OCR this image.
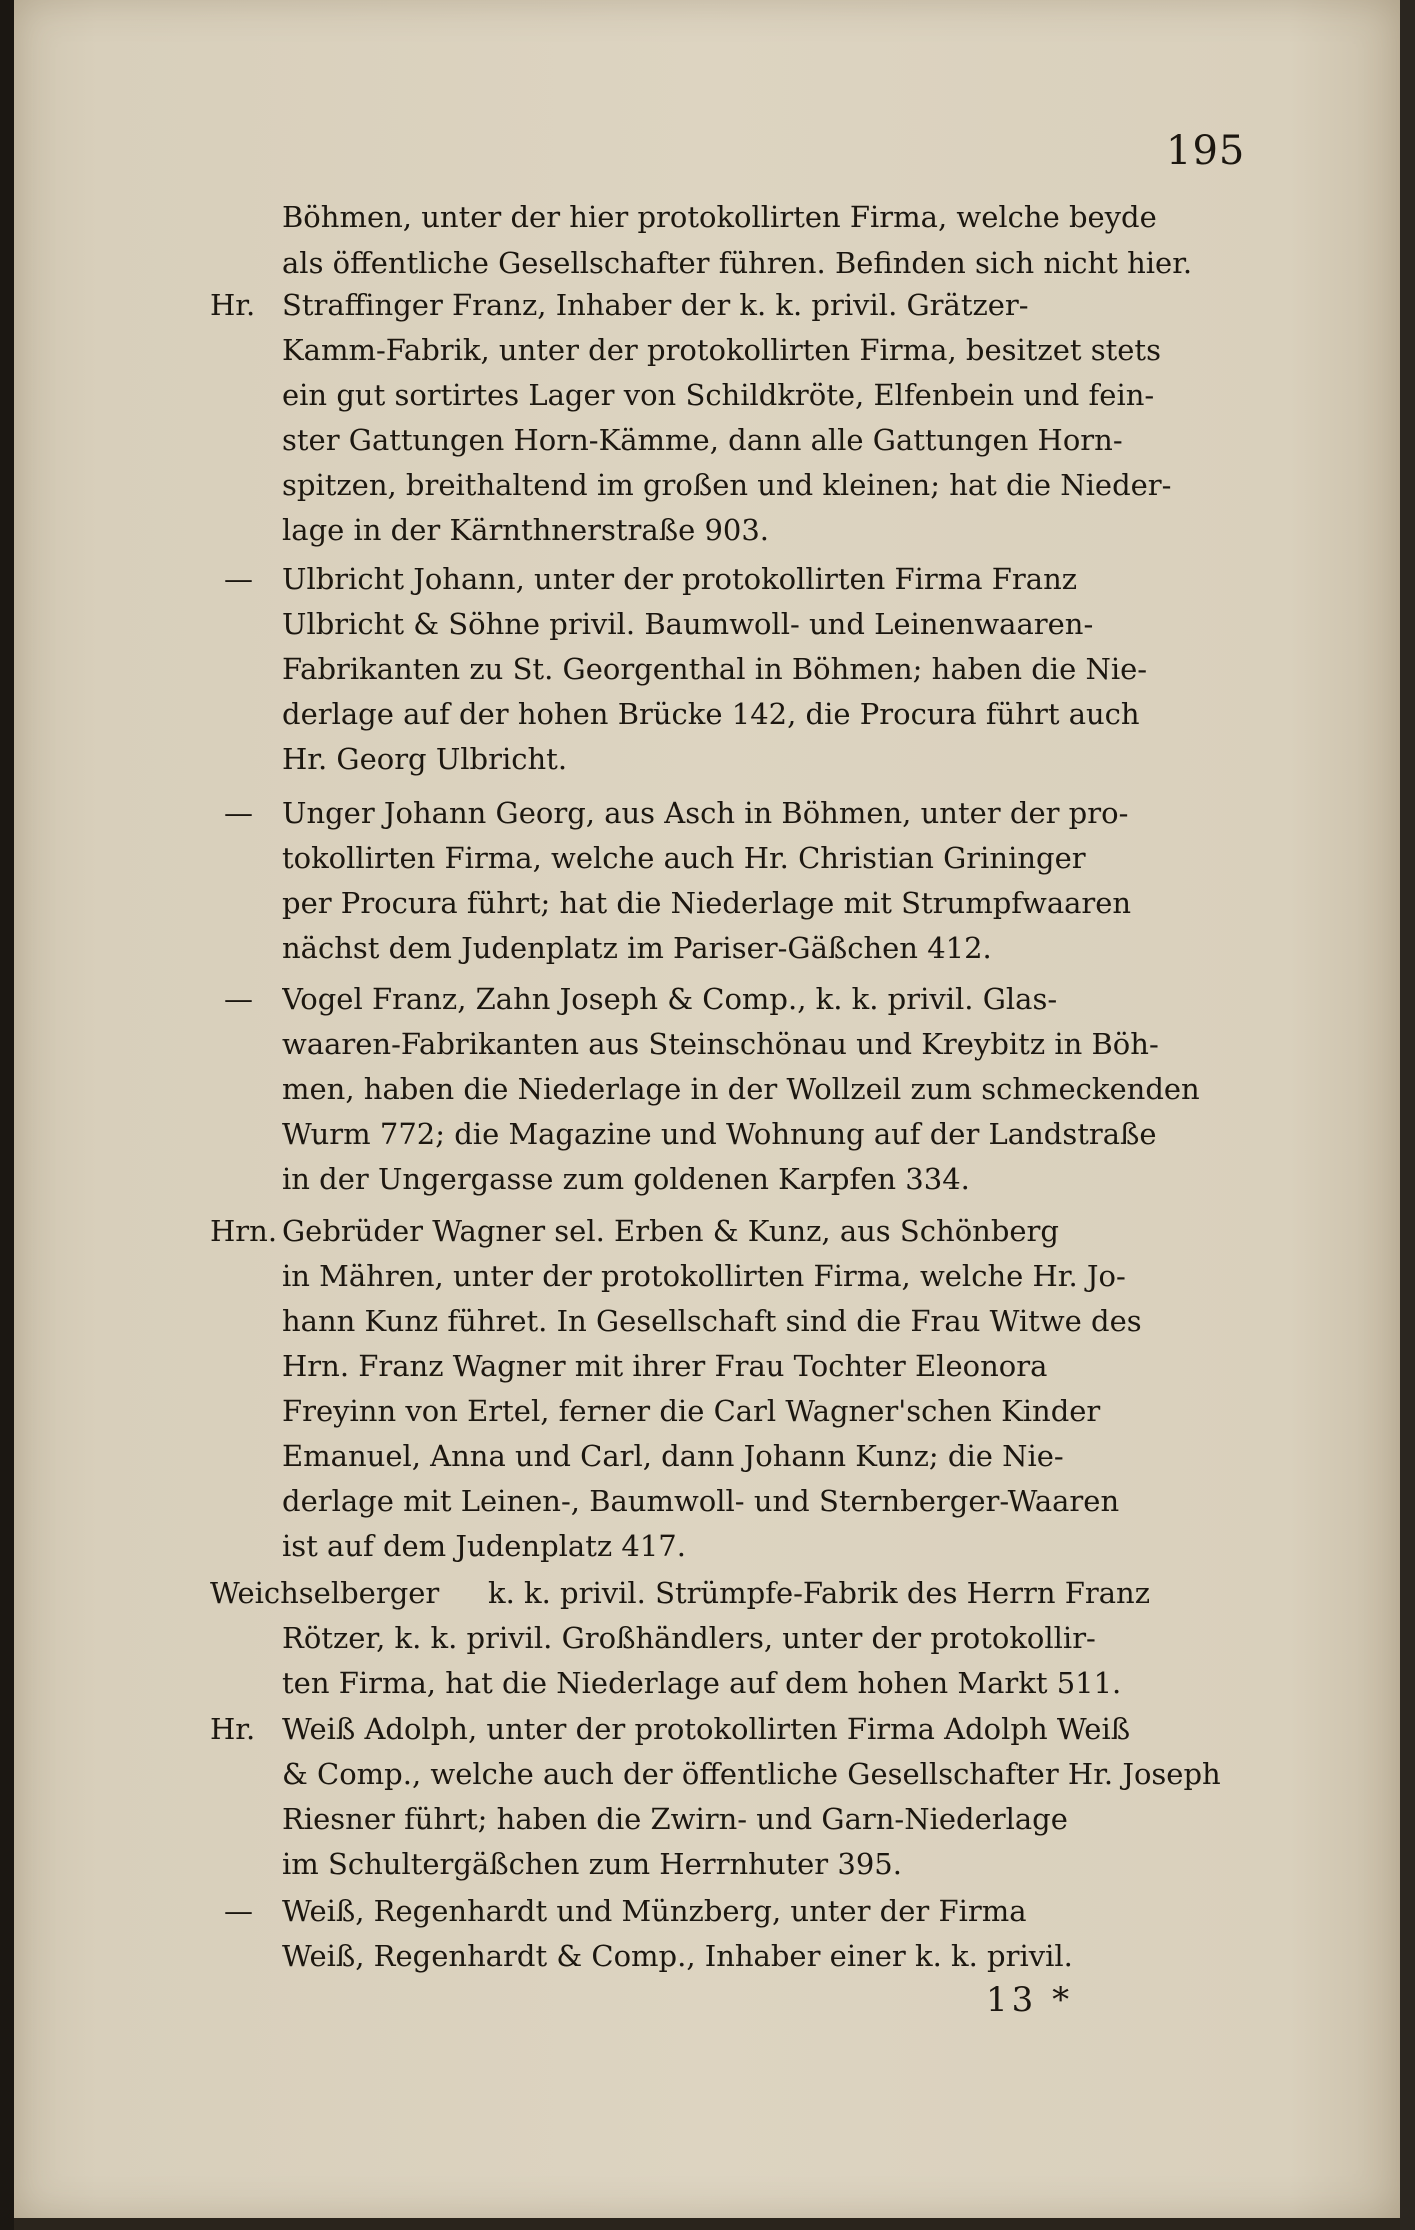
195
Böhmen, unter der hier protokollirten Firma, welche beyde
als öffentliche Gesellschafter führen. Befinden sich nicht hier.
Hr. Straffinger Franz, Inhaber der k. k. privil. Grätzer-
Kamm-Fabrik, unter der protokollirten Firma, besitzet stets
ein gut sortirtes Lager von Schildkröte, Elfenbein und fein-
ster Gattungen Horn-Kämme, dann alle Gattungen Horn-
spitzen, breithaltend im großen und kleinen; hat die Nieder-
lage in der Kärnthnerstraße 903.
— Ulbricht Johann, unter der protokollirten Firma Franz
Ulbricht & Söhne privil. Baumwoll- und Leinenwaaren-
Fabrikanten zu St. Georgenthal in Böhmen; haben die Nie-
derlage auf der hohen Brücke 142, die Procura führt auch
Hr. Georg Ulbricht.
— Unger Johann Georg, aus Asch in Böhmen, unter der pro-
tokollirten Firma, welche auch Hr. Christian Grininger
per Procura führt; hat die Niederlage mit Strumpfwaaren
nächst dem Judenplatz im Pariser-Gäßchen 412.
— Vogel Franz, Zahn Joseph & Comp., k. k. privil. Glas-
waaren-Fabrikanten aus Steinschönau und Kreybitz in Böh-
men, haben die Niederlage in der Wollzeil zum schmeckenden
Wurm 772; die Magazine und Wohnung auf der Landstraße
in der Ungergasse zum goldenen Karpfen 334.
Hrn. Gebrüder Wagner sel. Erben & Kunz, aus Schönberg
in Mähren, unter der protokollirten Firma, welche Hr. Jo-
hann Kunz führet. In Gesellschaft sind die Frau Witwe des
Hrn. Franz Wagner mit ihrer Frau Tochter Eleonora
Freyinn von Ertel, ferner die Carl Wagner'schen Kinder
Emanuel, Anna und Carl, dann Johann Kunz; die Nie-
derlage mit Leinen-, Baumwoll- und Sternberger-Waaren
ist auf dem Judenplatz 417.
Weichselberger k. k. privil. Strümpfe-Fabrik des Herrn Franz
Rötzer, k. k. privil. Großhändlers, unter der protokollir-
ten Firma, hat die Niederlage auf dem hohen Markt 511.
Hr. Weiß Adolph, unter der protokollirten Firma Adolph Weiß
& Comp., welche auch der öffentliche Gesellschafter Hr. Joseph
Riesner führt; haben die Zwirn- und Garn-Niederlage
im Schultergäßchen zum Herrnhuter 395.
— Weiß, Regenhardt und Münzberg, unter der Firma
Weiß, Regenhardt & Comp., Inhaber einer k. k. privil.
13 *
